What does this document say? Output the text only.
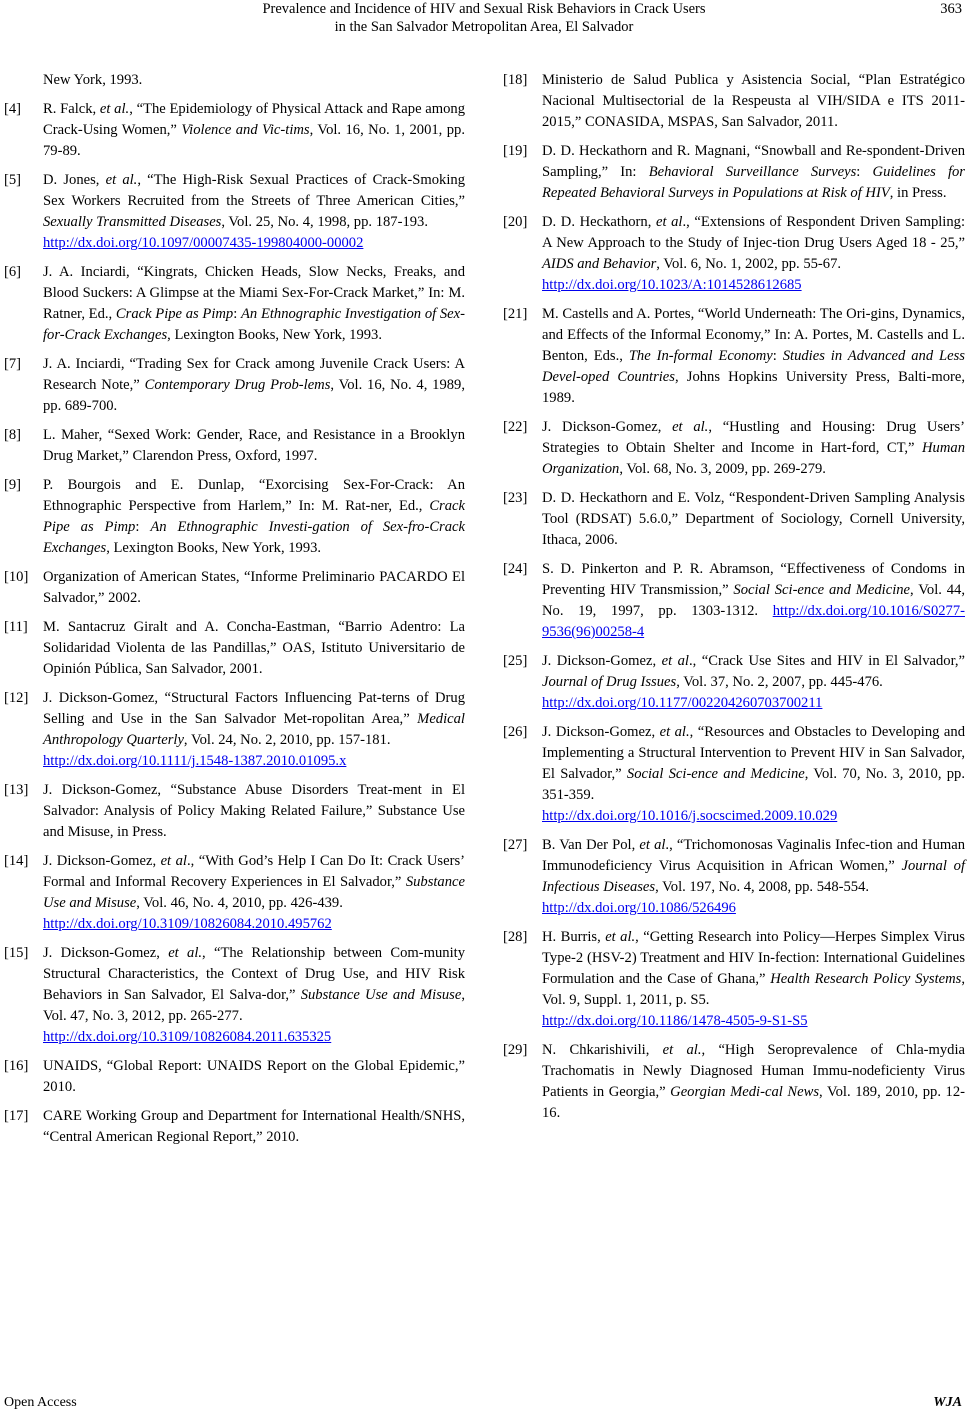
Prevalence and Incidence of HIV and Sexual Risk Behaviors in Crack Users
in the San Salvador Metropolitan Area, El Salvador
363
New York, 1993.
[4] R. Falck, et al., “The Epidemiology of Physical Attack and Rape among Crack-Using Women,” Violence and Vic-tims, Vol. 16, No. 1, 2001, pp. 79-89.
[5] D. Jones, et al., “The High-Risk Sexual Practices of Crack-Smoking Sex Workers Recruited from the Streets of Three American Cities,” Sexually Transmitted Diseases, Vol. 25, No. 4, 1998, pp. 187-193.
http://dx.doi.org/10.1097/00007435-199804000-00002
[6] J. A. Inciardi, “Kingrats, Chicken Heads, Slow Necks, Freaks, and Blood Suckers: A Glimpse at the Miami Sex-For-Crack Market,” In: M. Ratner, Ed., Crack Pipe as Pimp: An Ethnographic Investigation of Sex-for-Crack Exchanges, Lexington Books, New York, 1993.
[7] J. A. Inciardi, “Trading Sex for Crack among Juvenile Crack Users: A Research Note,” Contemporary Drug Prob-lems, Vol. 16, No. 4, 1989, pp. 689-700.
[8] L. Maher, “Sexed Work: Gender, Race, and Resistance in a Brooklyn Drug Market,” Clarendon Press, Oxford, 1997.
[9] P. Bourgois and E. Dunlap, “Exorcising Sex-For-Crack: An Ethnographic Perspective from Harlem,” In: M. Rat-ner, Ed., Crack Pipe as Pimp: An Ethnographic Investi-gation of Sex-fro-Crack Exchanges, Lexington Books, New York, 1993.
[10] Organization of American States, “Informe Preliminario PACARDO El Salvador,” 2002.
[11] M. Santacruz Giralt and A. Concha-Eastman, “Barrio Adentro: La Solidaridad Violenta de las Pandillas,” OAS, Istituto Universitario de Opinión Pública, San Salvador, 2001.
[12] J. Dickson-Gomez, “Structural Factors Influencing Pat-terns of Drug Selling and Use in the San Salvador Met-ropolitan Area,” Medical Anthropology Quarterly, Vol. 24, No. 2, 2010, pp. 157-181.
http://dx.doi.org/10.1111/j.1548-1387.2010.01095.x
[13] J. Dickson-Gomez, “Substance Abuse Disorders Treat-ment in El Salvador: Analysis of Policy Making Related Failure,” Substance Use and Misuse, in Press.
[14] J. Dickson-Gomez, et al., “With God’s Help I Can Do It: Crack Users’ Formal and Informal Recovery Experiences in El Salvador,” Substance Use and Misuse, Vol. 46, No. 4, 2010, pp. 426-439.
http://dx.doi.org/10.3109/10826084.2010.495762
[15] J. Dickson-Gomez, et al., “The Relationship between Com-munity Structural Characteristics, the Context of Drug Use, and HIV Risk Behaviors in San Salvador, El Salva-dor,” Substance Use and Misuse, Vol. 47, No. 3, 2012, pp. 265-277.
http://dx.doi.org/10.3109/10826084.2011.635325
[16] UNAIDS, “Global Report: UNAIDS Report on the Global Epidemic,” 2010.
[17] CARE Working Group and Department for International Health/SNHS, “Central American Regional Report,” 2010.
[18] Ministerio de Salud Publica y Asistencia Social, “Plan Estratégico Nacional Multisectorial de la Respeusta al VIH/SIDA e ITS 2011-2015,” CONASIDA, MSPAS, San Salvador, 2011.
[19] D. D. Heckathorn and R. Magnani, “Snowball and Re-spondent-Driven Sampling,” In: Behavioral Surveillance Surveys: Guidelines for Repeated Behavioral Surveys in Populations at Risk of HIV, in Press.
[20] D. D. Heckathorn, et al., “Extensions of Respondent Driven Sampling: A New Approach to the Study of Injec-tion Drug Users Aged 18 - 25,” AIDS and Behavior, Vol. 6, No. 1, 2002, pp. 55-67.
http://dx.doi.org/10.1023/A:1014528612685
[21] M. Castells and A. Portes, “World Underneath: The Ori-gins, Dynamics, and Effects of the Informal Economy,” In: A. Portes, M. Castells and L. Benton, Eds., The In-formal Economy: Studies in Advanced and Less Devel-oped Countries, Johns Hopkins University Press, Balti-more, 1989.
[22] J. Dickson-Gomez, et al., “Hustling and Housing: Drug Users’ Strategies to Obtain Shelter and Income in Hart-ford, CT,” Human Organization, Vol. 68, No. 3, 2009, pp. 269-279.
[23] D. D. Heckathorn and E. Volz, “Respondent-Driven Sampling Analysis Tool (RDSAT) 5.6.0,” Department of Sociology, Cornell University, Ithaca, 2006.
[24] S. D. Pinkerton and P. R. Abramson, “Effectiveness of Condoms in Preventing HIV Transmission,” Social Sci-ence and Medicine, Vol. 44, No. 19, 1997, pp. 1303-1312. http://dx.doi.org/10.1016/S0277-9536(96)00258-4
[25] J. Dickson-Gomez, et al., “Crack Use Sites and HIV in El Salvador,” Journal of Drug Issues, Vol. 37, No. 2, 2007, pp. 445-476.
http://dx.doi.org/10.1177/002204260703700211
[26] J. Dickson-Gomez, et al., “Resources and Obstacles to Developing and Implementing a Structural Intervention to Prevent HIV in San Salvador, El Salvador,” Social Sci-ence and Medicine, Vol. 70, No. 3, 2010, pp. 351-359.
http://dx.doi.org/10.1016/j.socscimed.2009.10.029
[27] B. Van Der Pol, et al., “Trichomonosas Vaginalis Infec-tion and Human Immunodeficiency Virus Acquisition in African Women,” Journal of Infectious Diseases, Vol. 197, No. 4, 2008, pp. 548-554.
http://dx.doi.org/10.1086/526496
[28] H. Burris, et al., “Getting Research into Policy—Herpes Simplex Virus Type-2 (HSV-2) Treatment and HIV In-fection: International Guidelines Formulation and the Case of Ghana,” Health Research Policy Systems, Vol. 9, Suppl. 1, 2011, p. S5.
http://dx.doi.org/10.1186/1478-4505-9-S1-S5
[29] N. Chkarishivili, et al., “High Seroprevalence of Chla-mydia Trachomatis in Newly Diagnosed Human Immu-nodeficienty Virus Patients in Georgia,” Georgian Medi-cal News, Vol. 189, 2010, pp. 12-16.
Open Access	WJA
